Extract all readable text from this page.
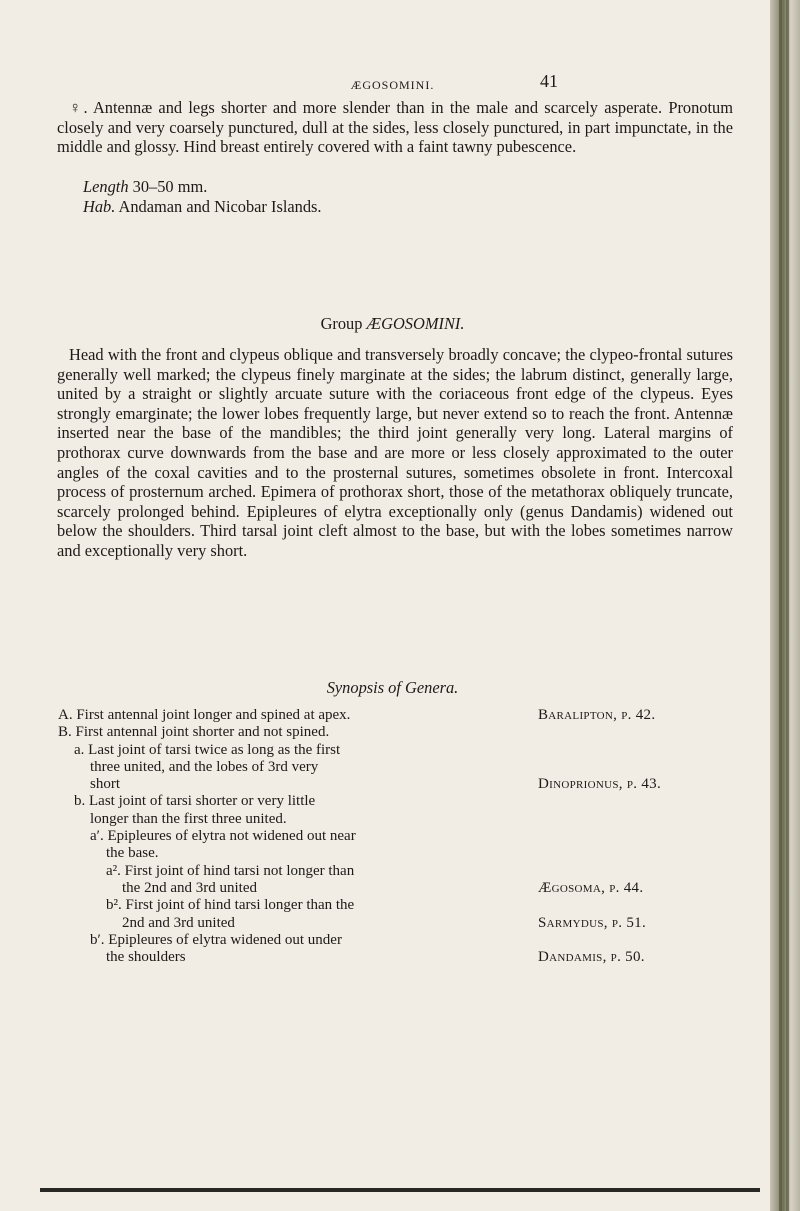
ÆGOSOMINI.	41

♀. Antennæ and legs shorter and more slender than in the male and scarcely asperate. Pronotum closely and very coarsely punctured, dull at the sides, less closely punctured, in part impunctate, in the middle and glossy. Hind breast entirely covered with a faint tawny pubescence.

Length 30–50 mm.
Hab. Andaman and Nicobar Islands.
Group ÆGOSOMINI.

Head with the front and clypeus oblique and transversely broadly concave; the clypeo-frontal sutures generally well marked; the clypeus finely marginate at the sides; the labrum distinct, generally large, united by a straight or slightly arcuate suture with the coriaceous front edge of the clypeus. Eyes strongly emarginate; the lower lobes frequently large, but never extend so to reach the front. Antennæ inserted near the base of the mandibles; the third joint generally very long. Lateral margins of prothorax curve downwards from the base and are more or less closely approximated to the outer angles of the coxal cavities and to the prosternal sutures, sometimes obsolete in front. Intercoxal process of prosternum arched. Epimera of prothorax short, those of the metathorax obliquely truncate, scarcely prolonged behind. Epipleures of elytra exceptionally only (genus Dandamis) widened out below the shoulders. Third tarsal joint cleft almost to the base, but with the lobes sometimes narrow and exceptionally very short.

Synopsis of Genera.
A. First antennal joint longer and spined at apex.	Baralipton, p. 42.
B. First antennal joint shorter and not spined.
a. Last joint of tarsi twice as long as the first
three united, and the lobes of 3rd very
short	Dinoprionus, p. 43.
b. Last joint of tarsi shorter or very little
longer than the first three united.
a′. Epipleures of elytra not widened out near
the base.
a². First joint of hind tarsi not longer than
the 2nd and 3rd united	Ægosoma, p. 44.
b². First joint of hind tarsi longer than the
2nd and 3rd united	Sarmydus, p. 51.
b′. Epipleures of elytra widened out under
the shoulders	Dandamis, p. 50.
